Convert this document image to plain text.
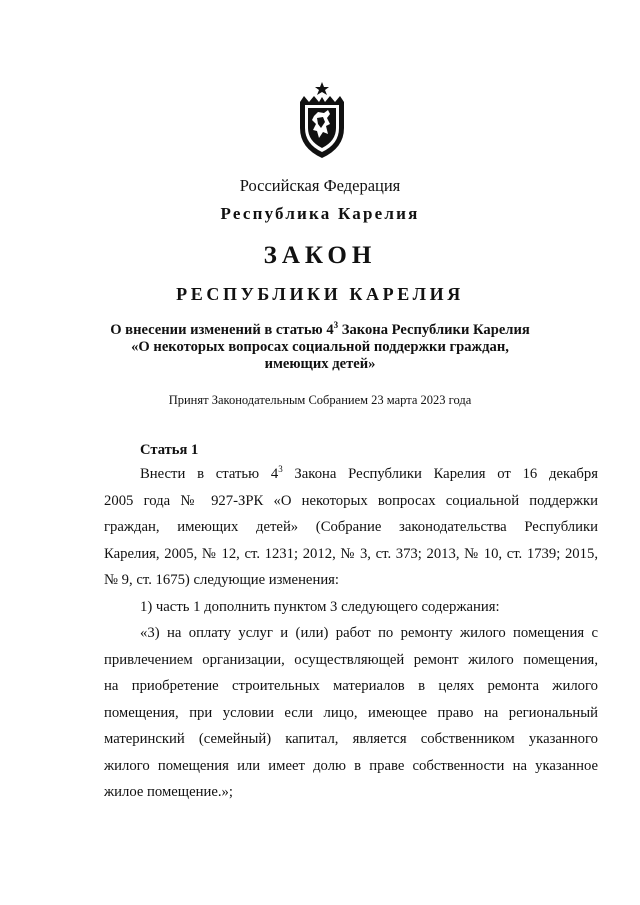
Российская Федерация
Республика Карелия
ЗАКОН
РЕСПУБЛИКИ КАРЕЛИЯ
О внесении изменений в статью $4^3$ Закона Республики Карелия
«О некоторых вопросах социальной поддержки граждан,
имеющих детей»
Принят Законодательным Собранием 23 марта 2023 года
Статья 1
Внести в статью $4^3$ Закона Республики Карелия от 16 декабря
2005 года № 927-ЗРК «О некоторых вопросах социальной поддержки
граждан, имеющих детей» (Собрание законодательства Республики
Карелия, 2005, № 12, ст. 1231; 2012, № 3, ст. 373; 2013, № 10, ст. 1739; 2015,
№ 9, ст. 1675) следующие изменения:
1) часть 1 дополнить пунктом 3 следующего содержания:
«3) на оплату услуг и (или) работ по ремонту жилого помещения с
привлечением организации, осуществляющей ремонт жилого помещения,
на приобретение строительных материалов в целях ремонта жилого
помещения, при условии если лицо, имеющее право на региональный
материнский (семейный) капитал, является собственником указанного
жилого помещения или имеет долю в праве собственности на указанное
жилое помещение.»;
